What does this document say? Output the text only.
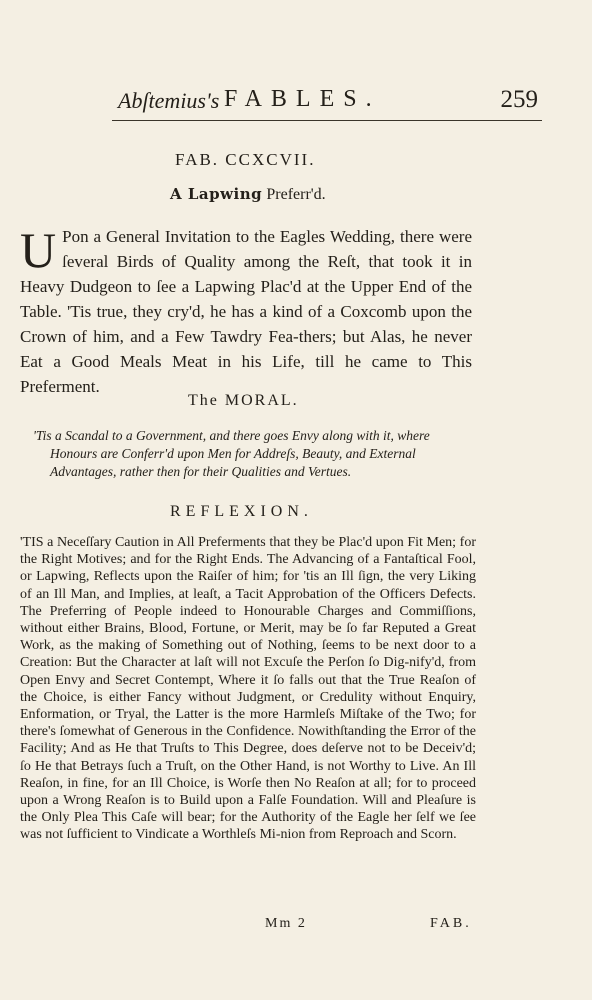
Abſtemius's FABLES.	259
FAB. CCXCVII.
A Lapwing Preferr'd.
U Pon a General Invitation to the Eagles Wedding, there were ſeveral Birds of Quality among the Reſt, that took it in Heavy Dudgeon to ſee a Lapwing Plac'd at the Upper End of the Table. 'Tis true, they cry'd, he has a kind of a Coxcomb upon the Crown of him, and a Few Tawdry Fea-thers; but Alas, he never Eat a Good Meals Meat in his Life, till he came to This Preferment.
The MORAL.
'Tis a Scandal to a Government, and there goes Envy along with it, where
Honours are Conferr'd upon Men for Addreſs, Beauty, and External
Advantages, rather then for their Qualities and Vertues.
REFLEXION.
'TIS a Neceſſary Caution in All Preferments that they be Plac'd upon Fit Men; for the Right Motives; and for the Right Ends. The Advancing of a Fantaſtical Fool, or Lapwing, Reflects upon the Raiſer of him; for 'tis an Ill ſign, the very Liking of an Ill Man, and Implies, at leaſt, a Tacit Approbation of the Officers Defects. The Preferring of People indeed to Honourable Charges and Commiſſions, without either Brains, Blood, Fortune, or Merit, may be ſo far Reputed a Great Work, as the making of Something out of Nothing, ſeems to be next door to a Creation: But the Character at laſt will not Excuſe the Perſon ſo Dig-nify'd, from Open Envy and Secret Contempt, Where it ſo falls out that the True Reaſon of the Choice, is either Fancy without Judgment, or Credulity without Enquiry, Enformation, or Tryal, the Latter is the more Harmleſs Miſtake of the Two; for there's ſomewhat of Generous in the Confidence. Nowithſtanding the Error of the Facility; And as He that Truſts to This Degree, does deſerve not to be Deceiv'd; ſo He that Betrays ſuch a Truſt, on the Other Hand, is not Worthy to Live. An Ill Reaſon, in fine, for an Ill Choice, is Worſe then No Reaſon at all; for to proceed upon a Wrong Reaſon is to Build upon a Falſe Foundation. Will and Pleaſure is the Only Plea This Caſe will bear; for the Authority of the Eagle her ſelf we ſee was not ſufficient to Vindicate a Worthleſs Mi-nion from Reproach and Scorn.
Mm 2	FAB.
